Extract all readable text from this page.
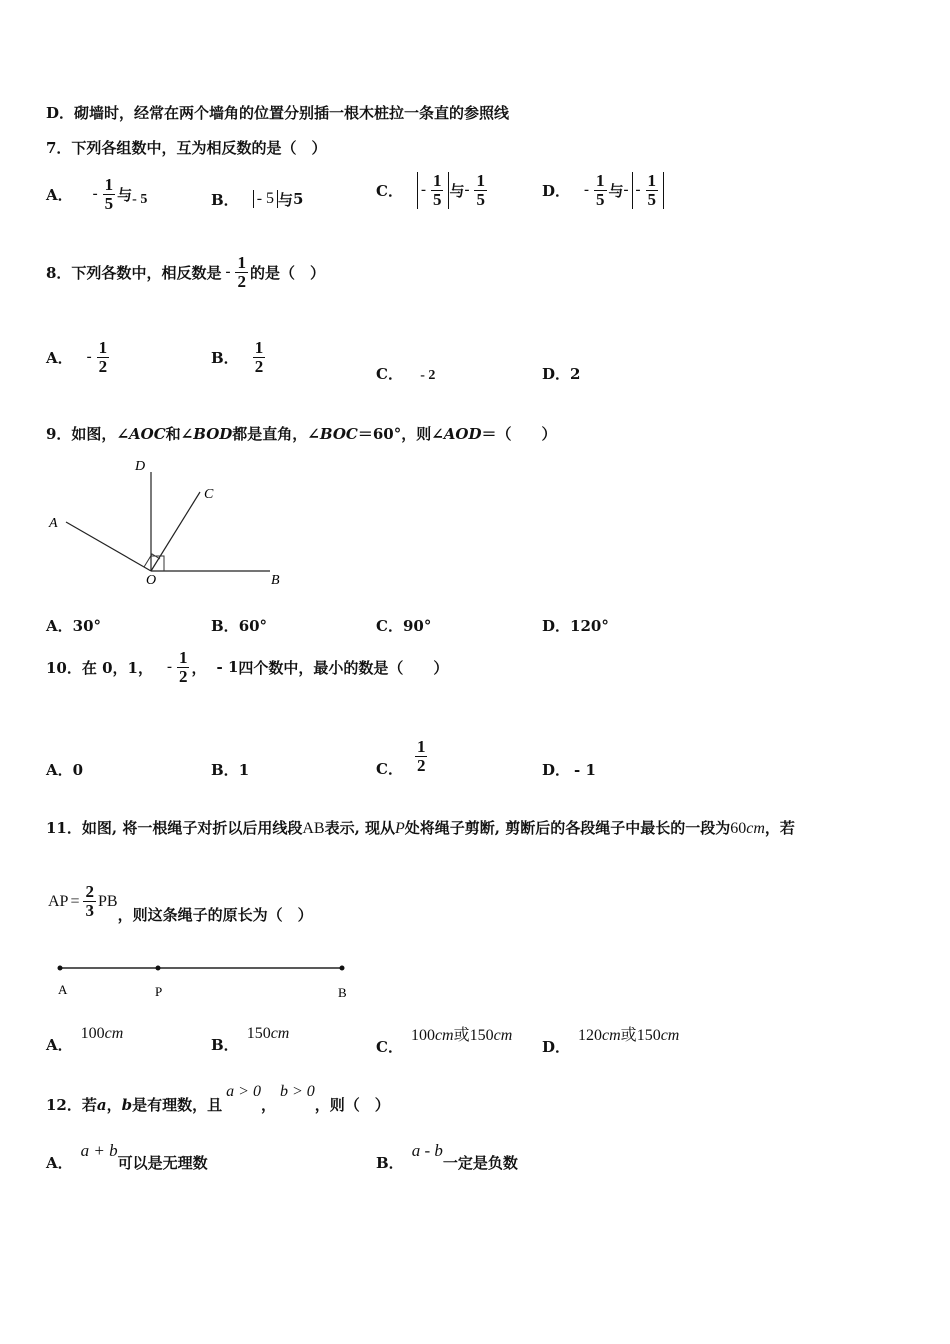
D．砌墙时，经常在两个墙角的位置分别插一根木桩拉一条直的参照线
7．下列各组数中，互为相反数的是（　）
A． - $\frac{1}{5}$ 与 - 5	B． - 5 与 5	C． - $\frac{1}{5}$ 与 - $\frac{1}{5}$	D． - $\frac{1}{5}$ 与 - - $\frac{1}{5}$
8．下列各数中，相反数是 - $\frac{1}{2}$ 的是（　）
A． - $\frac{1}{2}$	B． $\frac{1}{2}$	C． - 2	D．2
9．如图，∠AOC和∠BOD都是直角，∠BOC＝60°，则∠AOD＝（　　）
D
C
A
O	B
A．30°	B．60°	C．90°	D．120°
10．在 0，1， - $\frac{1}{2}$ ， - 1 四个数中，最小的数是（　　）
A．0	B．1	C． $\frac{1}{2}$	D． - 1
11．如图, 将一根绳子对折以后用线段AB表示, 现从P处将绳子剪断, 剪断后的各段绳子中最长的一段为60cm，若
AP = $\frac{2}{3}$ PB
，则这条绳子的原长为（　）
A	P	B
A．100cm
B．150cm
C．100cm或150cm
D．120cm或150cm
12．若a，b是有理数，且a > 0，b > 0，则（　）
A．a + b可以是无理数	B．a - b一定是负数
